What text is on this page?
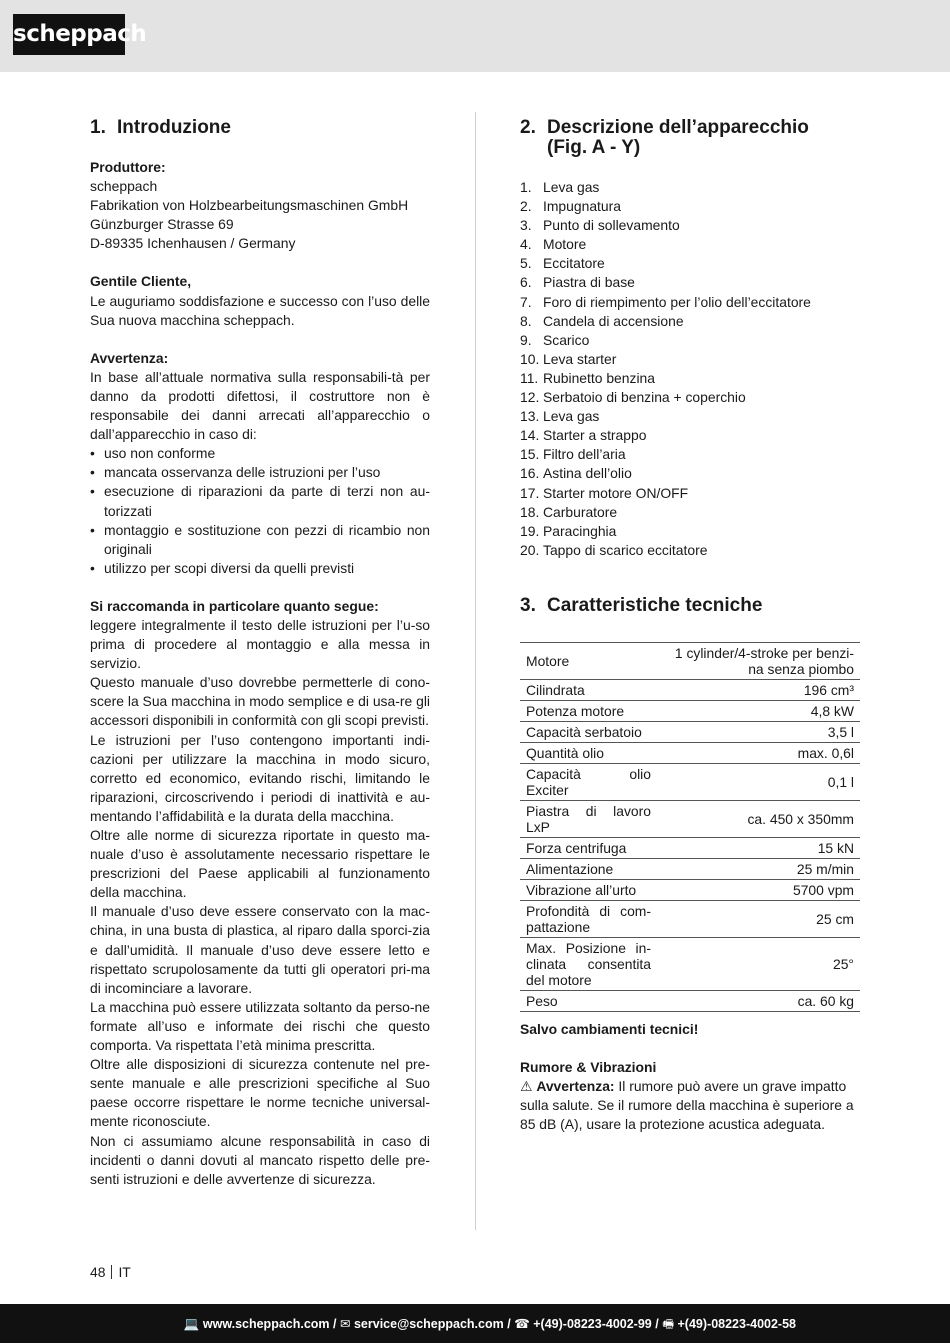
scheppach
1. Introduzione
Produttore:
scheppach
Fabrikation von Holzbearbeitungsmaschinen GmbH
Günzburger Strasse 69
D-89335 Ichenhausen / Germany
Gentile Cliente,

Le auguriamo soddisfazione e successo con l’uso delle Sua nuova macchina scheppach.

Avvertenza:

In base all’attuale normativa sulla responsabili-tà per danno da prodotti difettosi, il costruttore non è responsabile dei danni arrecati all’apparecchio o dall’apparecchio in caso di:

• uso non conforme
• mancata osservanza delle istruzioni per l’uso
• esecuzione di riparazioni da parte di terzi non au-torizzati
• montaggio e sostituzione con pezzi di ricambio non originali
• utilizzo per scopi diversi da quelli previsti
Si raccomanda in particolare quanto segue:

leggere integralmente il testo delle istruzioni per l’u-so prima di procedere al montaggio e alla messa in servizio.

Questo manuale d’uso dovrebbe permetterle di cono-scere la Sua macchina in modo semplice e di usa-re gli accessori disponibili in conformità con gli scopi previsti.

Le istruzioni per l’uso contengono importanti indi-cazioni per utilizzare la macchina in modo sicuro, corretto ed economico, evitando rischi, limitando le riparazioni, circoscrivendo i periodi di inattività e au-mentando l’affidabilità e la durata della macchina.

Oltre alle norme di sicurezza riportate in questo ma-nuale d’uso è assolutamente necessario rispettare le prescrizioni del Paese applicabili al funzionamento della macchina.

Il manuale d’uso deve essere conservato con la mac-china, in una busta di plastica, al riparo dalla sporci-zia e dall’umidità. Il manuale d’uso deve essere letto e rispettato scrupolosamente da tutti gli operatori pri-ma di incominciare a lavorare.

La macchina può essere utilizzata soltanto da perso-ne formate all’uso e informate dei rischi che questo comporta. Va rispettata l’età minima prescritta.

Oltre alle disposizioni di sicurezza contenute nel pre-sente manuale e alle prescrizioni specifiche al Suo paese occorre rispettare le norme tecniche universal-mente riconosciute.

Non ci assumiamo alcune responsabilità in caso di incidenti o danni dovuti al mancato rispetto delle pre-senti istruzioni e delle avvertenze di sicurezza.

2. Descrizione dell’apparecchio
(Fig. A - Y)
1. Leva gas
2. Impugnatura
3. Punto di sollevamento
4. Motore
5. Eccitatore
6. Piastra di base
7. Foro di riempimento per l’olio dell’eccitatore
8. Candela di accensione
9. Scarico
10. Leva starter
11. Rubinetto benzina
12. Serbatoio di benzina + coperchio
13. Leva gas
14. Starter a strappo
15. Filtro dell’aria
16. Astina dell’olio
17. Starter motore ON/OFF
18. Carburatore
19. Paracinghia
20. Tappo di scarico eccitatore
3. Caratteristiche tecniche
Motore	1 cylinder/4-stroke per benzi-na senza piombo
Cilindrata	196 cm³
Potenza motore	4,8 kW
Capacità serbatoio	3,5 l
Quantità olio	max. 0,6l
Capacità olio Exciter	0,1 l
Piastra di lavoro LxP	ca. 450 x 350mm
Forza centrifuga	15 kN
Alimentazione	25 m/min
Vibrazione all’urto	5700 vpm
Profondità di com-pattazione	25 cm
Max. Posizione in-clinata consentita del motore	25°
Peso	ca. 60 kg
Salvo cambiamenti tecnici!
Rumore & Vibrazioni

⚠ Avvertenza: Il rumore può avere un grave impatto sulla salute. Se il rumore della macchina è superiore a 85 dB (A), usare la protezione acustica adeguata.

48 IT
💻 www.scheppach.com / ✉ service@scheppach.com / ☎ +(49)-08223-4002-99 / 🖷 +(49)-08223-4002-58
